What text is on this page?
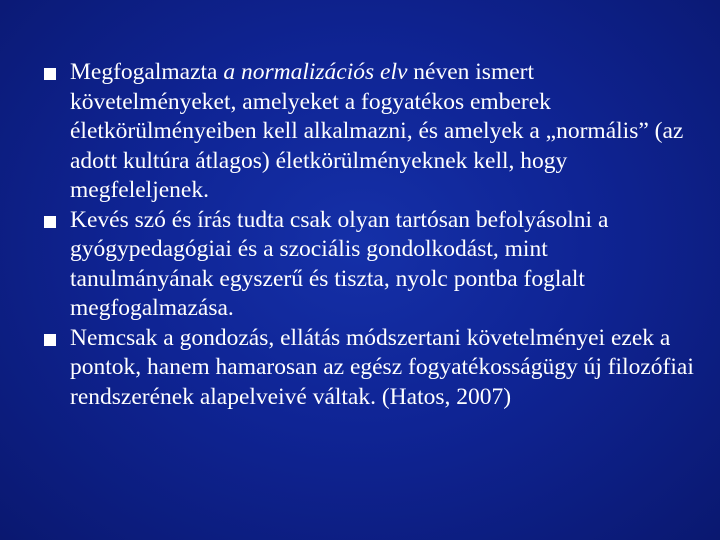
Megfogalmazta a normalizációs elv néven ismert követelményeket, amelyeket a fogyatékos emberek életkörülményeiben kell alkalmazni, és amelyek a „normális” (az adott kultúra átlagos) életkörülményeknek kell, hogy megfeleljenek.
Kevés szó és írás tudta csak olyan tartósan befolyásolni a gyógypedagógiai és a szociális gondolkodást, mint tanulmányának egyszerű és tiszta, nyolc pontba foglalt megfogalmazása.
Nemcsak a gondozás, ellátás módszertani követelményei ezek a pontok, hanem hamarosan az egész fogyatékosságügy új filozófiai rendszerének alapelveivé váltak. (Hatos, 2007)
